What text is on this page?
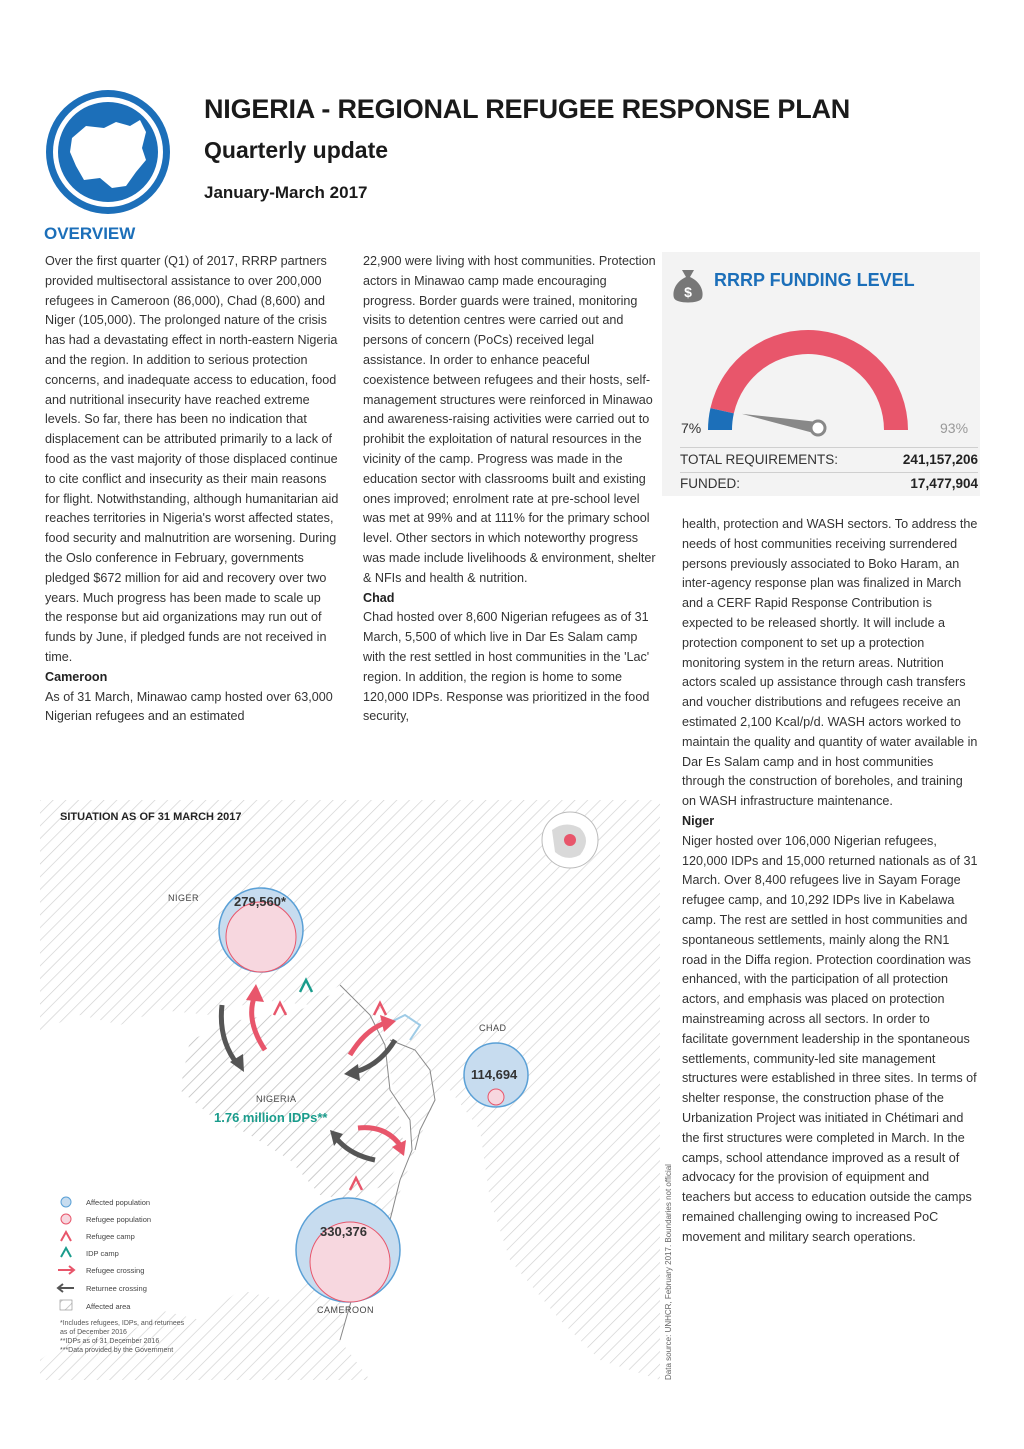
NIGERIA - REGIONAL REFUGEE RESPONSE PLAN
Quarterly update
January-March 2017
OVERVIEW

Over the first quarter (Q1) of 2017, RRRP partners provided multisectoral assistance to over 200,000 refugees in Cameroon (86,000), Chad (8,600) and Niger (105,000). The prolonged nature of the crisis has had a devastating effect in north-eastern Nigeria and the region. In addition to serious protection concerns, and inadequate access to education, food and nutritional insecurity have reached extreme levels. So far, there has been no indication that displacement can be attributed primarily to a lack of food as the vast majority of those displaced continue to cite conflict and insecurity as their main reasons for flight. Notwithstanding, although humanitarian aid reaches territories in Nigeria's worst affected states, food security and malnutrition are worsening. During the Oslo conference in February, governments pledged $672 million for aid and recovery over two years. Much progress has been made to scale up the response but aid organizations may run out of funds by June, if pledged funds are not received in time.

Cameroon

As of 31 March, Minawao camp hosted over 63,000 Nigerian refugees and an estimated

22,900 were living with host communities. Protection actors in Minawao camp made encouraging progress. Border guards were trained, monitoring visits to detention centres were carried out and persons of concern (PoCs) received legal assistance. In order to enhance peaceful coexistence between refugees and their hosts, self-management structures were reinforced in Minawao and awareness-raising activities were carried out to prohibit the exploitation of natural resources in the vicinity of the camp. Progress was made in the education sector with classrooms built and existing ones improved; enrolment rate at pre-school level was met at 99% and at 111% for the primary school level. Other sectors in which noteworthy progress was made include livelihoods & environment, shelter & NFIs and health & nutrition.

Chad

Chad hosted over 8,600 Nigerian refugees as of 31 March, 5,500 of which live in Dar Es Salam camp with the rest settled in host communities in the 'Lac' region. In addition, the region is home to some 120,000 IDPs. Response was prioritized in the food security,

health, protection and WASH sectors. To address the needs of host communities receiving surrendered persons previously associated to Boko Haram, an inter-agency response plan was finalized in March and a CERF Rapid Response Contribution is expected to be released shortly. It will include a protection component to set up a protection monitoring system in the return areas. Nutrition actors scaled up assistance through cash transfers and voucher distributions and refugees receive an estimated 2,100 Kcal/p/d. WASH actors worked to maintain the quality and quantity of water available in Dar Es Salam camp and in host communities through the construction of boreholes, and training on WASH infrastructure maintenance.

Niger

Niger hosted over 106,000 Nigerian refugees, 120,000 IDPs and 15,000 returned nationals as of 31 March. Over 8,400 refugees live in Sayam Forage refugee camp, and 10,292 IDPs live in Kabelawa camp. The rest are settled in host communities and spontaneous settlements, mainly along the RN1 road in the Diffa region. Protection coordination was enhanced, with the participation of all protection actors, and emphasis was placed on protection mainstreaming across all sectors. In order to facilitate government leadership in the spontaneous settlements, community-led site management structures were established in three sites. In terms of shelter response, the construction phase of the Urbanization Project was initiated in Chétimari and the first structures were completed in March. In the camps, school attendance improved as a result of advocacy for the provision of equipment and teachers but access to education outside the camps remained challenging owing to increased PoC movement and military search operations.

$
RRRP FUNDING LEVEL
7%	93%
TOTAL REQUIREMENTS:	241,157,206
FUNDED:	17,477,904
SITUATION AS OF 31 MARCH 2017
NIGER
CHAD
NIGERIA
CAMEROON
279,560*
114,694
330,376
1.76 million IDPs**
Affected population
Refugee population
Refugee camp
IDP camp
Refugee crossing
Returnee crossing
Affected area
*Includes refugees, IDPs, and returnees
as of December 2016
**IDPs as of 31 December 2016
***Data provided by the Government	Data source: UNHCR, February 2017. Boundaries not official
